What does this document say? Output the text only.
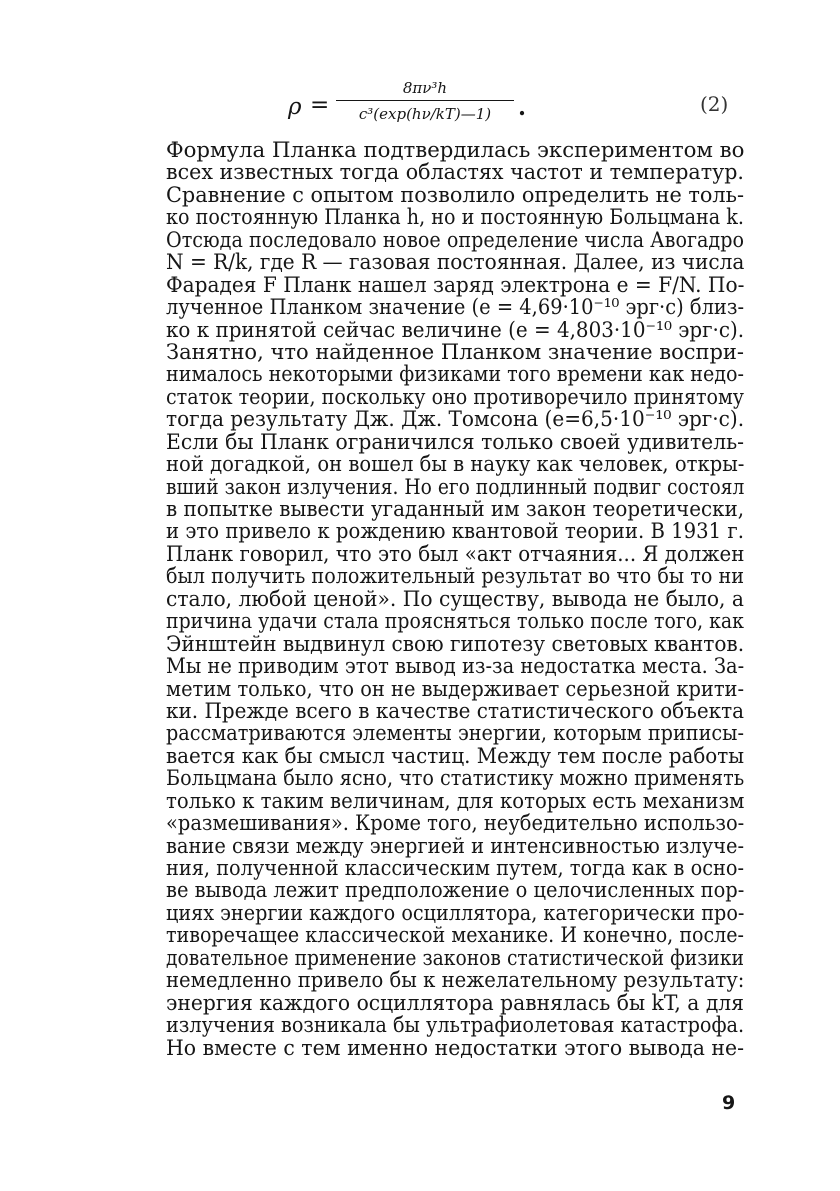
ρ =
8πν³h
c³(exp(hν/kT)—1)	.	(2)
Формула Планка подтвердилась экспериментом во
всех известных тогда областях частот и температур.
Сравнение с опытом позволило определить не толь-
ко постоянную Планка h, но и постоянную Больцмана k.
Отсюда последовало новое определение числа Авогадро
N = R/k, где R — газовая постоянная. Далее, из числа
Фарадея F Планк нашел заряд электрона e = F/N. По-
лученное Планком значение (e = 4,69·10⁻¹⁰ эрг·с) близ-
ко к принятой сейчас величине (e = 4,803·10⁻¹⁰ эрг·с).
Занятно, что найденное Планком значение воспри-
нималось некоторыми физиками того времени как недо-
статок теории, поскольку оно противоречило принятому
тогда результату Дж. Дж. Томсона (e=6,5·10⁻¹⁰ эрг·с).
Если бы Планк ограничился только своей удивитель-
ной догадкой, он вошел бы в науку как человек, откры-
вший закон излучения. Но его подлинный подвиг состоял
в попытке вывести угаданный им закон теоретически,
и это привело к рождению квантовой теории. В 1931 г.
Планк говорил, что это был «акт отчаяния... Я должен
был получить положительный результат во что бы то ни
стало, любой ценой». По существу, вывода не было, а
причина удачи стала проясняться только после того, как
Эйнштейн выдвинул свою гипотезу световых квантов.
Мы не приводим этот вывод из-за недостатка места. За-
метим только, что он не выдерживает серьезной крити-
ки. Прежде всего в качестве статистического объекта
рассматриваются элементы энергии, которым приписы-
вается как бы смысл частиц. Между тем после работы
Больцмана было ясно, что статистику можно применять
только к таким величинам, для которых есть механизм
«размешивания». Кроме того, неубедительно использо-
вание связи между энергией и интенсивностью излуче-
ния, полученной классическим путем, тогда как в осно-
ве вывода лежит предположение о целочисленных пор-
циях энергии каждого осциллятора, категорически про-
тиворечащее классической механике. И конечно, после-
довательное применение законов статистической физики
немедленно привело бы к нежелательному результату:
энергия каждого осциллятора равнялась бы kT, а для
излучения возникала бы ультрафиолетовая катастрофа.
Но вместе с тем именно недостатки этого вывода не-
9
